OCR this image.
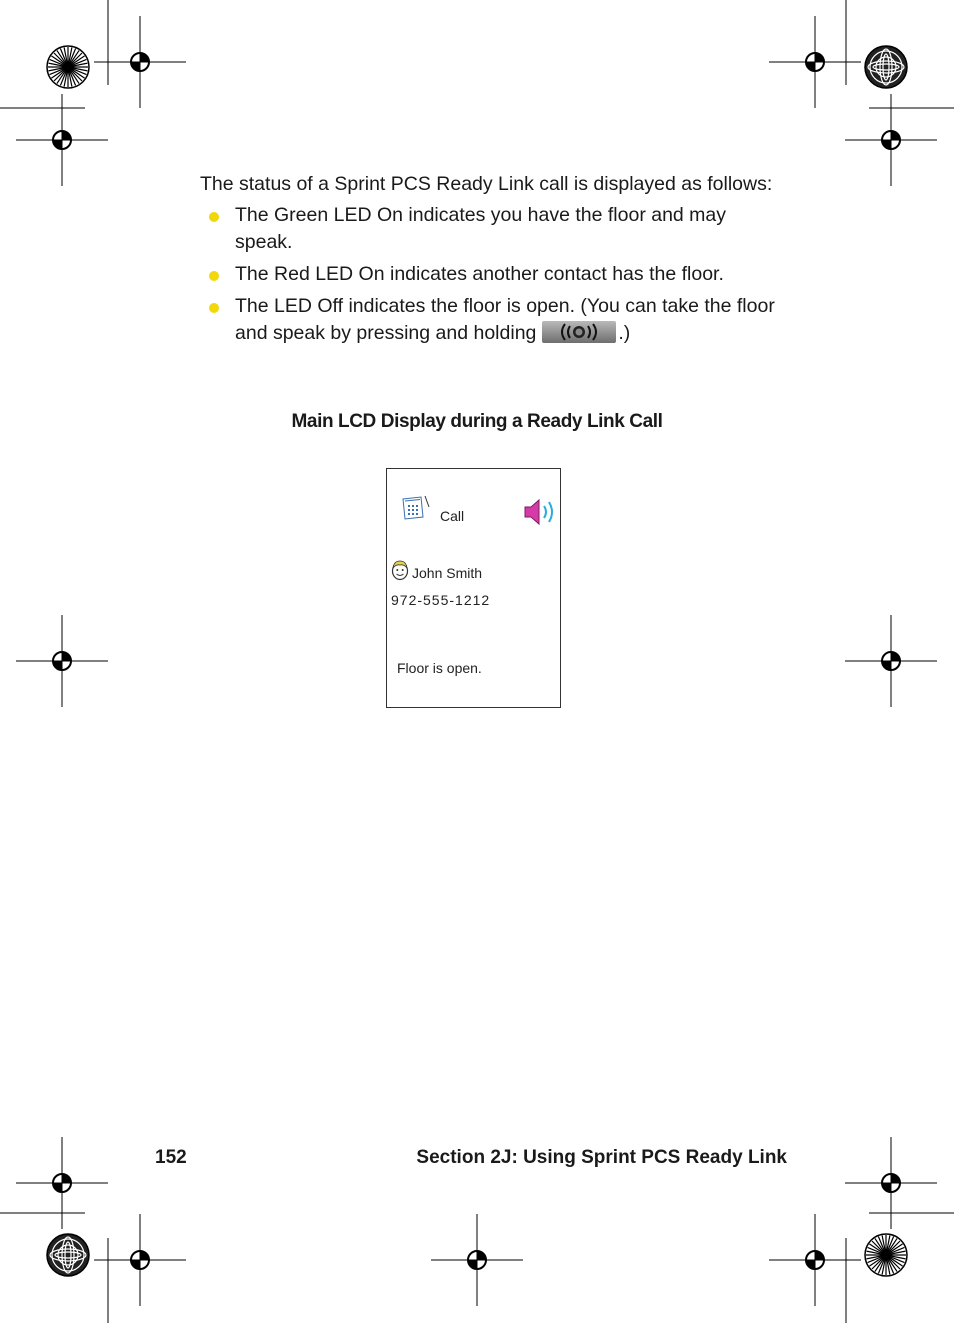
The status of a Sprint PCS Ready Link call is displayed as follows:

The Green LED On indicates you have the floor and may speak.
The Red LED On indicates another contact has the floor.
The LED Off indicates the floor is open. (You can take the floor and speak by pressing and holding	.)
Main LCD Display during a Ready Link Call
Call
John Smith
972-555-1212
Floor is open.
152	Section 2J: Using Sprint PCS Ready Link
